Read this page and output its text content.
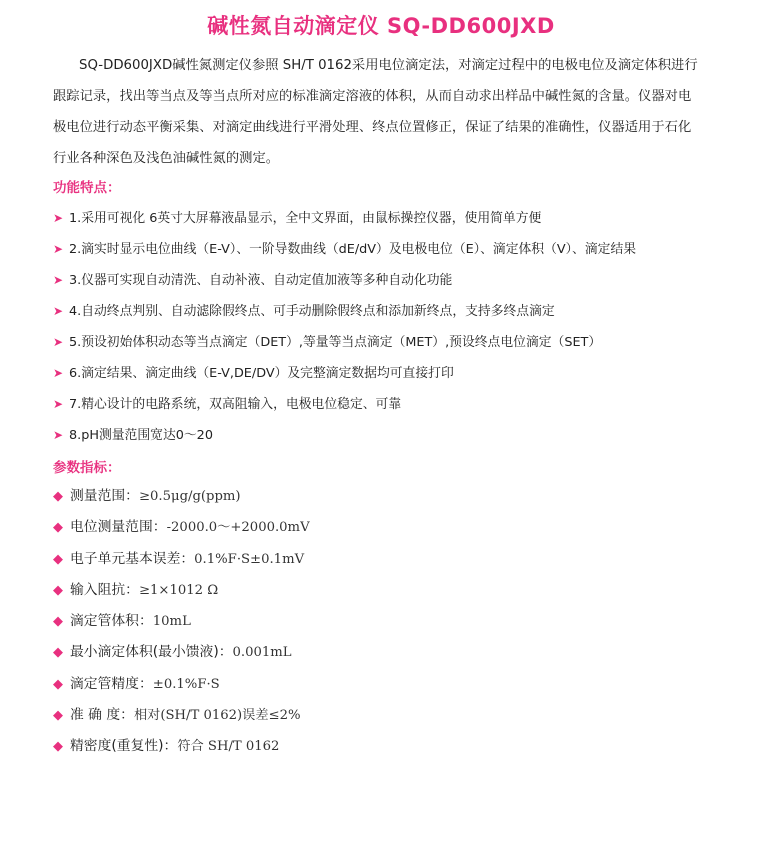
碱性氮自动滴定仪 SQ-DD600JXD

SQ-DD600JXD碱性氮测定仪参照 SH/T 0162采用电位滴定法，对滴定过程中的电极电位及滴定体积进行跟踪记录，找出等当点及等当点所对应的标准滴定溶液的体积，从而自动求出样品中碱性氮的含量。仪器对电极电位进行动态平衡采集、对滴定曲线进行平滑处理、终点位置修正，保证了结果的准确性，仪器适用于石化行业各种深色及浅色油碱性氮的测定。

功能特点：
➤ 1.采用可视化 6英寸大屏幕液晶显示，全中文界面，由鼠标操控仪器，使用简单方便
➤ 2.滴实时显示电位曲线（E-V）、一阶导数曲线（dE/dV）及电极电位（E）、滴定体积（V）、滴定结果
➤ 3.仪器可实现自动清洗、自动补液、自动定值加液等多种自动化功能
➤ 4.自动终点判别、自动滤除假终点、可手动删除假终点和添加新终点，支持多终点滴定
➤ 5.预设初始体积动态等当点滴定（DET）,等量等当点滴定（MET）,预设终点电位滴定（SET）
➤ 6.滴定结果、滴定曲线（E-V,DE/DV）及完整滴定数据均可直接打印
➤ 7.精心设计的电路系统，双高阻输入，电极电位稳定、可靠
➤ 8.pH测量范围宽达0～20
参数指标：
◆ 测量范围： ≥0.5μg/g(ppm)
◆ 电位测量范围： -2000.0～+2000.0mV
◆ 电子单元基本误差： 0.1%F·S±0.1mV
◆ 输入阻抗： ≥1×1012 Ω
◆ 滴定管体积： 10mL
◆ 最小滴定体积(最小馈液)： 0.001mL
◆ 滴定管精度： ±0.1%F·S
◆ 准 确 度： 相对(SH/T 0162)误差≤2%
◆ 精密度(重复性)： 符合 SH/T 0162
